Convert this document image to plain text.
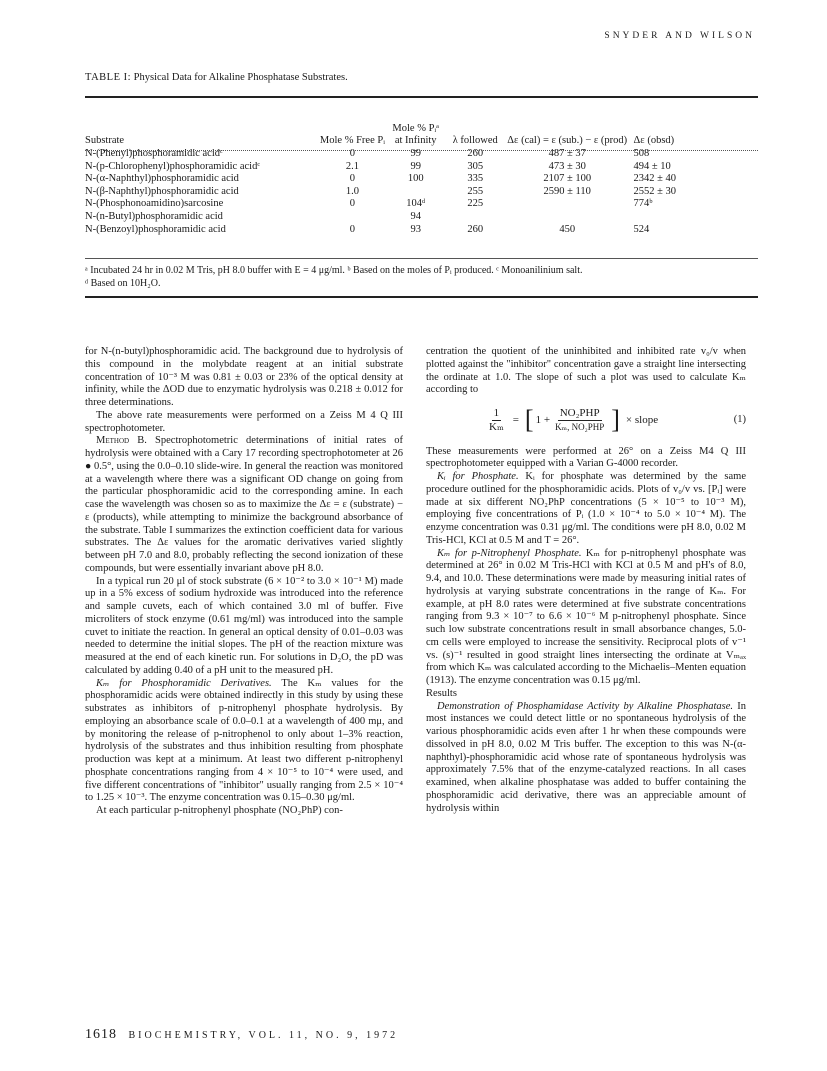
SNYDER AND WILSON
TABLE I: Physical Data for Alkaline Phosphatase Substrates.
Substrate	Mole % Free Pᵢ	Mole % Pᵢᵃ at Infinity	λ followed	Δε (cal) = ε (sub.) − ε (prod)	Δε (obsd)
N-(Phenyl)phosphoramidic acidᶜ	0	99	260	487 ± 37	508
N-(p-Chlorophenyl)phosphoramidic acidᶜ	2.1	99	305	473 ± 30	494 ± 10
N-(α-Naphthyl)phosphoramidic acid	0	100	335	2107 ± 100	2342 ± 40
N-(β-Naphthyl)phosphoramidic acid	1.0		255	2590 ± 110	2552 ± 30
N-(Phosphonoamidino)sarcosine	0	104ᵈ	225		774ᵇ
N-(n-Butyl)phosphoramidic acid		94			
N-(Benzoyl)phosphoramidic acid	0	93	260	450	524
ᵃ Incubated 24 hr in 0.02 M Tris, pH 8.0 buffer with E = 4 μg/ml. ᵇ Based on the moles of Pᵢ produced. ᶜ Monoanilinium salt.
ᵈ Based on 10H₂O.

for N-(n-butyl)phosphoramidic acid. The background due to hydrolysis of this compound in the molybdate reagent at an initial substrate concentration of 10⁻³ M was 0.81 ± 0.03 or 23% of the optical density at infinity, while the ΔOD due to enzymatic hydrolysis was 0.218 ± 0.012 for three determinations.

The above rate measurements were performed on a Zeiss M 4 Q III spectrophotometer.

Method B. Spectrophotometric determinations of initial rates of hydrolysis were obtained with a Cary 17 recording spectrophotometer at 26 ● 0.5°, using the 0.0–0.10 slide-wire. In general the reaction was monitored at a wavelength where there was a significant OD change on going from the particular phosphoramidic acid to the corresponding amine. In each case the wavelength was chosen so as to maximize the Δε = ε (substrate) − ε (products), while attempting to minimize the background absorbance of the substrate. Table I summarizes the extinction coefficient data for various substrates. The Δε values for the aromatic derivatives varied slightly between pH 7.0 and 8.0, probably reflecting the second ionization of these compounds, but were essentially invariant above pH 8.0.

In a typical run 20 μl of stock substrate (6 × 10⁻² to 3.0 × 10⁻¹ M) made up in a 5% excess of sodium hydroxide was introduced into the reference and sample cuvets, each of which contained 3.0 ml of buffer. Five microliters of stock enzyme (0.61 mg/ml) was introduced into the sample cuvet to initiate the reaction. In general an optical density of 0.01–0.03 was needed to determine the initial slopes. The pH of the reaction mixture was measured at the end of each kinetic run. For solutions in D₂O, the pD was calculated by adding 0.40 of a pH unit to the measured pH.

Kₘ for Phosphoramidic Derivatives. The Kₘ values for the phosphoramidic acids were obtained indirectly in this study by using these substrates as inhibitors of p-nitrophenyl phosphate hydrolysis. By employing an absorbance scale of 0.0–0.1 at a wavelength of 400 mμ, and by monitoring the release of p-nitrophenol to only about 1–3% reaction, hydrolysis of the substrates and thus inhibition resulting from phosphate production was kept at a minimum. At least two different p-nitrophenyl phosphate concentrations ranging from 4 × 10⁻⁵ to 10⁻⁴ were used, and five different concentrations of "inhibitor" usually ranging from 2.5 × 10⁻⁴ to 1.25 × 10⁻³. The enzyme concentration was 0.15–0.30 μg/ml.

At each particular p-nitrophenyl phosphate (NO₂PhP) con-

centration the quotient of the uninhibited and inhibited rate v₀/v when plotted against the "inhibitor" concentration gave a straight line intersecting the ordinate at 1.0. The slope of such a plot was used to calculate Kₘ according to

$\frac{1}{\text{Kₘ}}$ = [ $1 + \frac{\text{NO₂PHP}}{\text{Kₘ, NO₂PHP}}$ ] × slope	(1)

These measurements were performed at 26° on a Zeiss M4 Q III spectrophotometer equipped with a Varian G-4000 recorder.

Kᵢ for Phosphate. Kᵢ for phosphate was determined by the same procedure outlined for the phosphoramidic acids. Plots of v₀/v vs. [Pᵢ] were made at six different NO₂PhP concentrations (5 × 10⁻⁵ to 10⁻³ M), employing five concentrations of Pᵢ (1.0 × 10⁻⁴ to 5.0 × 10⁻⁴ M). The enzyme concentration was 0.31 μg/ml. The conditions were pH 8.0, 0.02 M Tris-HCl, KCl at 0.5 M and T = 26°.

Kₘ for p-Nitrophenyl Phosphate. Kₘ for p-nitrophenyl phosphate was determined at 26° in 0.02 M Tris-HCl with KCl at 0.5 M and pH's of 8.0, 9.4, and 10.0. These determinations were made by measuring initial rates of hydrolysis at varying substrate concentrations in the range of Kₘ. For example, at pH 8.0 rates were determined at five substrate concentrations ranging from 9.3 × 10⁻⁷ to 6.6 × 10⁻⁶ M p-nitrophenyl phosphate. Since such low substrate concentrations result in small absorbance changes, 5.0-cm cells were employed to increase the sensitivity. Reciprocal plots of v⁻¹ vs. (s)⁻¹ resulted in good straight lines intersecting the ordinate at Vₘₐₓ from which Kₘ was calculated according to the Michaelis–Menten equation (1913). The enzyme concentration was 0.15 μg/ml.

Results

Demonstration of Phosphamidase Activity by Alkaline Phosphatase. In most instances we could detect little or no spontaneous hydrolysis of the various phosphoramidic acids even after 1 hr when these compounds were dissolved in pH 8.0, 0.02 M Tris buffer. The exception to this was N-(α-naphthyl)-phosphoramidic acid whose rate of spontaneous hydrolysis was approximately 7.5% that of the enzyme-catalyzed reactions. In all cases examined, when alkaline phosphatase was added to buffer containing the phosphoramidic acid derivative, there was an appreciable amount of hydrolysis within

1618 BIOCHEMISTRY, VOL. 11, NO. 9, 1972
